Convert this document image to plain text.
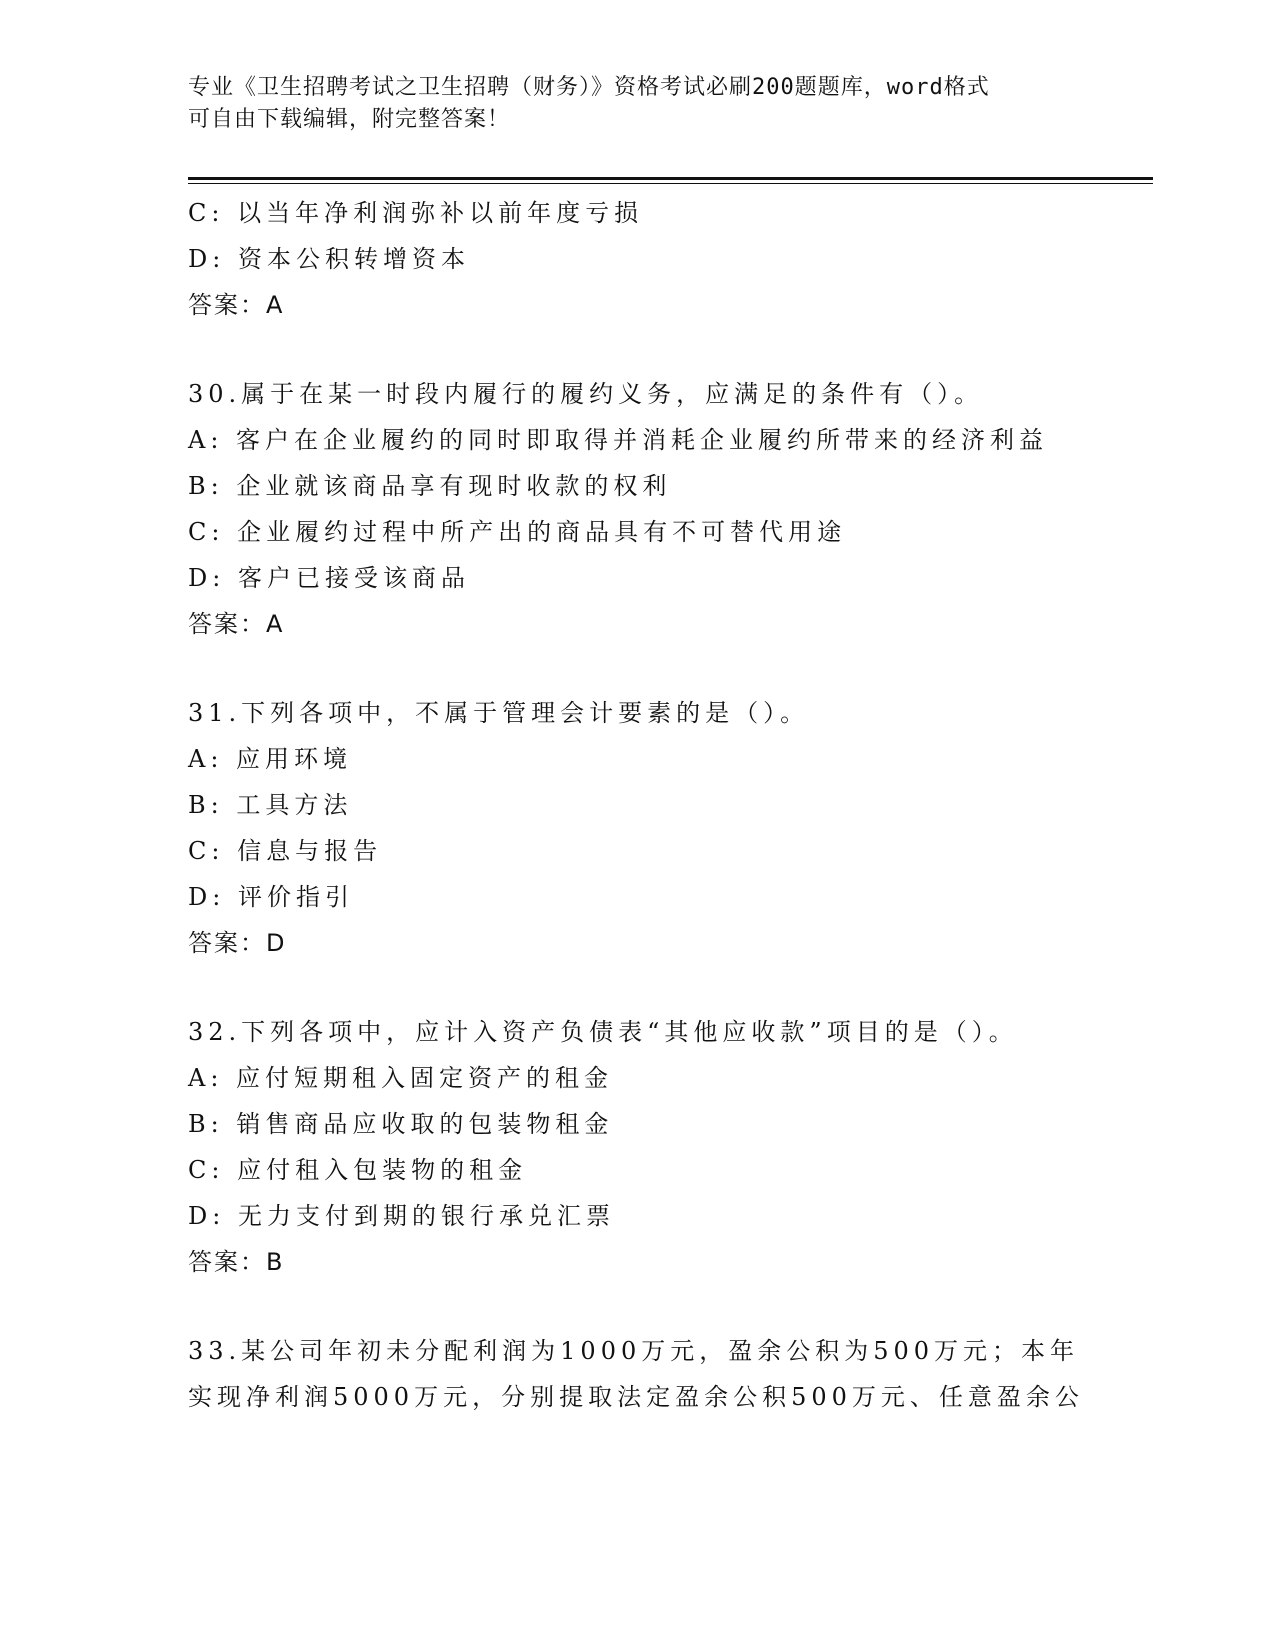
专业《卫生招聘考试之卫生招聘（财务）》资格考试必刷200题题库，word格式
可自由下载编辑，附完整答案！
C: 以当年净利润弥补以前年度亏损
D: 资本公积转增资本
答案：A
30.属于在某一时段内履行的履约义务，应满足的条件有（）。
A: 客户在企业履约的同时即取得并消耗企业履约所带来的经济利益
B: 企业就该商品享有现时收款的权利
C: 企业履约过程中所产出的商品具有不可替代用途
D: 客户已接受该商品
答案：A
31.下列各项中，不属于管理会计要素的是（）。
A: 应用环境
B: 工具方法
C: 信息与报告
D: 评价指引
答案：D
32.下列各项中，应计入资产负债表“其他应收款”项目的是（）。
A: 应付短期租入固定资产的租金
B: 销售商品应收取的包装物租金
C: 应付租入包装物的租金
D: 无力支付到期的银行承兑汇票
答案：B
33.某公司年初未分配利润为1000万元，盈余公积为500万元；本年
实现净利润5000万元，分别提取法定盈余公积500万元、任意盈余公
